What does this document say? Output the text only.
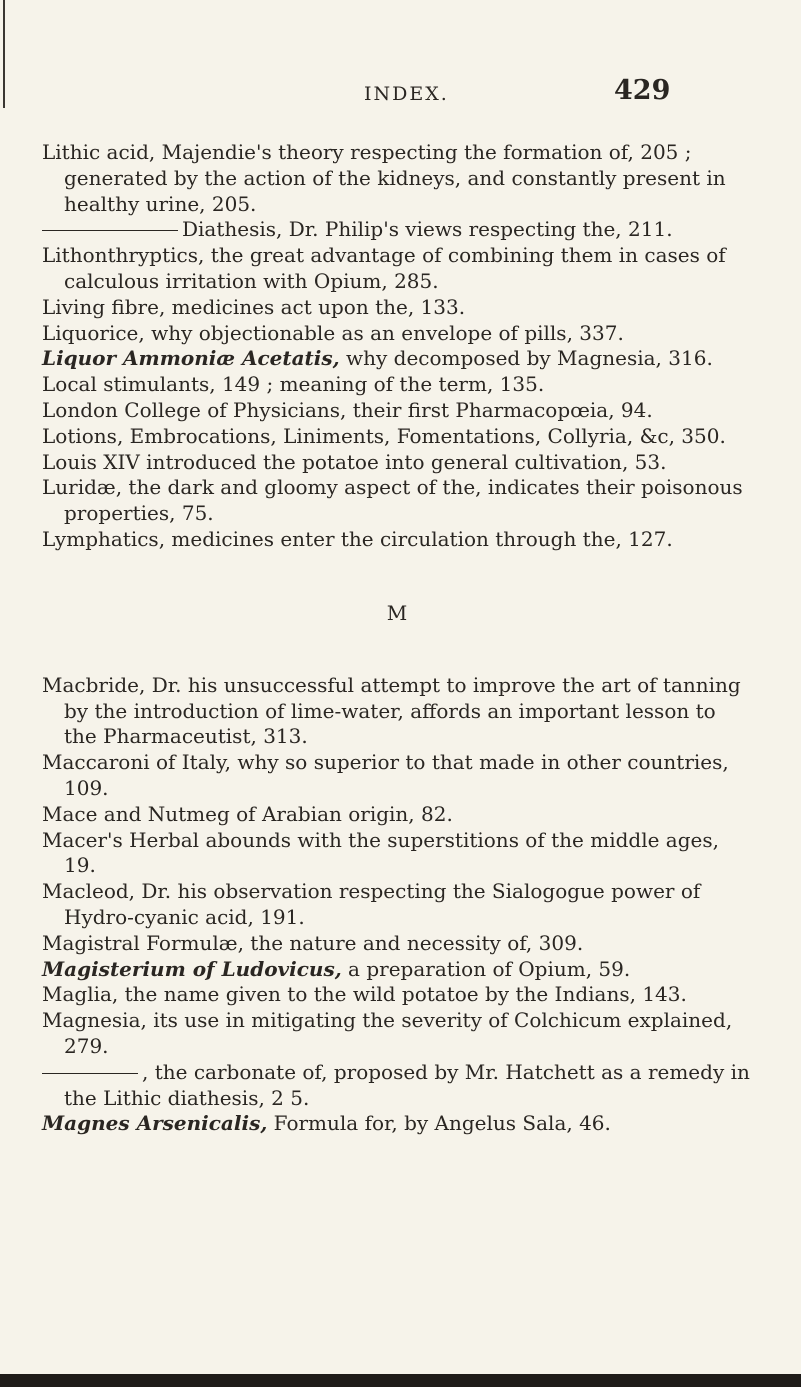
INDEX.	429

Lithic acid, Majendie's theory respecting the formation of, 205 ; generated by the action of the kidneys, and constantly present in healthy urine, 205.

Diathesis, Dr. Philip's views respecting the, 211.

Lithonthryptics, the great advantage of combining them in cases of calculous irritation with Opium, 285.

Living fibre, medicines act upon the, 133.

Liquorice, why objectionable as an envelope of pills, 337.

Liquor Ammoniæ Acetatis, why decomposed by Magnesia, 316.

Local stimulants, 149 ; meaning of the term, 135.

London College of Physicians, their first Pharmacopœia, 94.

Lotions, Embrocations, Liniments, Fomentations, Collyria, &c, 350.

Louis XIV introduced the potatoe into general cultivation, 53.

Luridæ, the dark and gloomy aspect of the, indicates their poisonous properties, 75.

Lymphatics, medicines enter the circulation through the, 127.

M

Macbride, Dr. his unsuccessful attempt to improve the art of tanning by the introduction of lime-water, affords an important lesson to the Pharmaceutist, 313.

Maccaroni of Italy, why so superior to that made in other countries, 109.

Mace and Nutmeg of Arabian origin, 82.

Macer's Herbal abounds with the superstitions of the middle ages, 19.

Macleod, Dr. his observation respecting the Sialogogue power of Hydro-cyanic acid, 191.

Magistral Formulæ, the nature and necessity of, 309.

Magisterium of Ludovicus, a preparation of Opium, 59.

Maglia, the name given to the wild potatoe by the Indians, 143.

Magnesia, its use in mitigating the severity of Colchicum explained, 279.

, the carbonate of, proposed by Mr. Hatchett as a remedy in the Lithic diathesis, 2 5.

Magnes Arsenicalis, Formula for, by Angelus Sala, 46.
